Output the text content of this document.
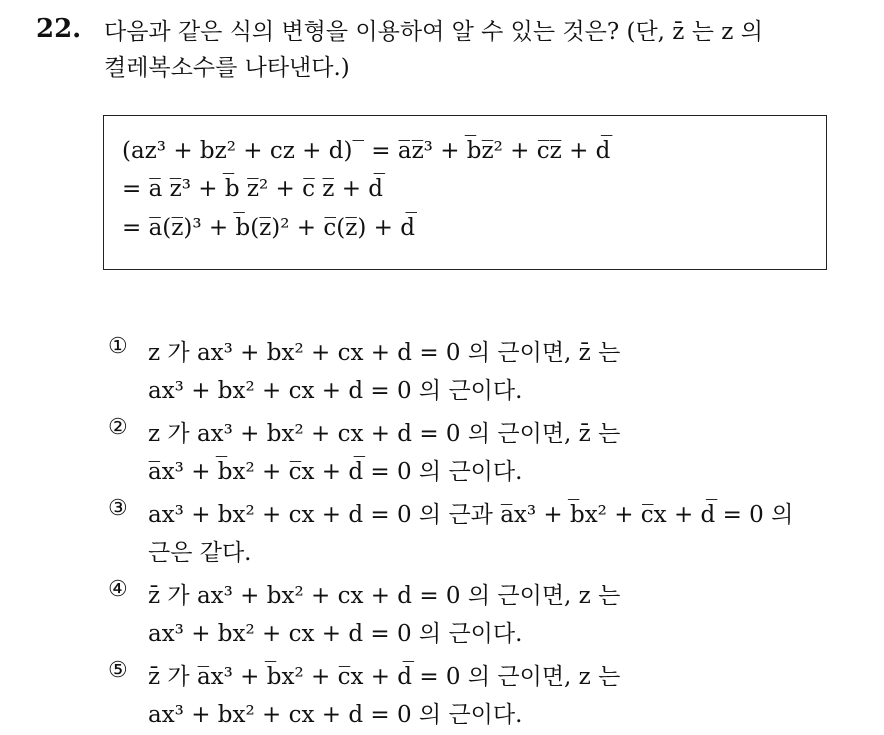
22. 다음과 같은 식의 변형을 이용하여 알 수 있는 것은? (단, z̄ 는 z 의
켤레복소수를 나타낸다.)
(az³ + bz² + cz + d)‾ = a̅z̅³ + b̅z̅² + c̅z̅ + d̅
= a̅ z̅³ + b̅ z̅² + c̅ z̅ + d̅
= a̅(z̅)³ + b̅(z̅)² + c̅(z̅) + d̅
① z 가 ax³ + bx² + cx + d = 0 의 근이면, z̄ 는
ax³ + bx² + cx + d = 0 의 근이다.
② z 가 ax³ + bx² + cx + d = 0 의 근이면, z̄ 는
a̅x³ + b̅x² + c̅x + d̅ = 0 의 근이다.
③ ax³ + bx² + cx + d = 0 의 근과 a̅x³ + b̅x² + c̅x + d̅ = 0 의
근은 같다.
④ z̄ 가 ax³ + bx² + cx + d = 0 의 근이면, z 는
ax³ + bx² + cx + d = 0 의 근이다.
⑤ z̄ 가 a̅x³ + b̅x² + c̅x + d̅ = 0 의 근이면, z 는
ax³ + bx² + cx + d = 0 의 근이다.
